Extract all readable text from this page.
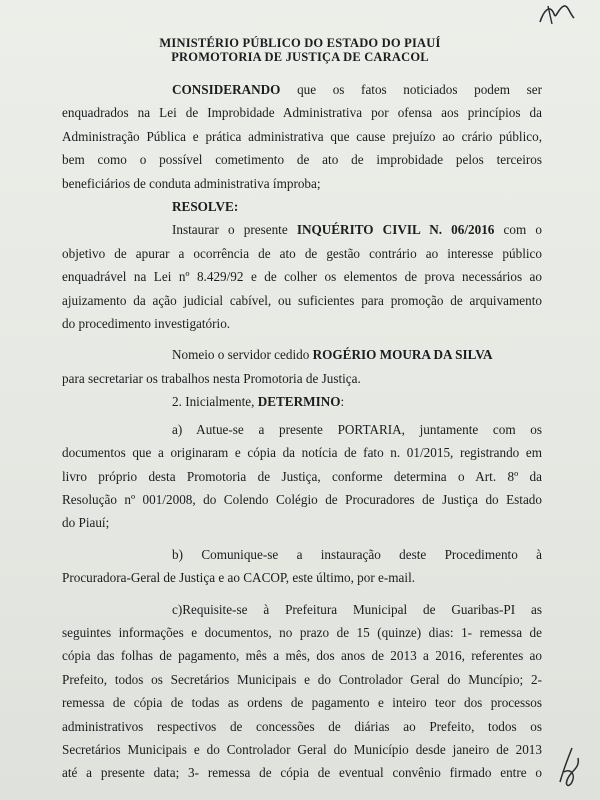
MINISTÉRIO PÚBLICO DO ESTADO DO PIAUÍ
PROMOTORIA DE JUSTIÇA DE CARACOL
CONSIDERANDO que os fatos noticiados podem ser
enquadrados na Lei de Improbidade Administrativa por ofensa aos princípios da
Administração Pública e prática administrativa que cause prejuízo ao crário público,
bem como o possível cometimento de ato de improbidade pelos terceiros
beneficiários de conduta administrativa ímproba;
RESOLVE:
Instaurar o presente INQUÉRITO CIVIL N. 06/2016 com o
objetivo de apurar a ocorrência de ato de gestão contrário ao interesse público
enquadrável na Lei nº 8.429/92 e de colher os elementos de prova necessários ao
ajuizamento da ação judicial cabível, ou suficientes para promoção de arquivamento
do procedimento investigatório.
Nomeio o servidor cedido ROGÉRIO MOURA DA SILVA
para secretariar os trabalhos nesta Promotoria de Justiça.
2. Inicialmente, DETERMINO:
a) Autue-se a presente PORTARIA, juntamente com os
documentos que a originaram e cópia da notícia de fato n. 01/2015, registrando em
livro próprio desta Promotoria de Justiça, conforme determina o Art. 8º da
Resolução nº 001/2008, do Colendo Colégio de Procuradores de Justiça do Estado
do Piauí;
b) Comunique-se a instauração deste Procedimento à
Procuradora-Geral de Justiça e ao CACOP, este último, por e-mail.
c)Requisite-se à Prefeitura Municipal de Guaribas-PI as
seguintes informações e documentos, no prazo de 15 (quinze) dias: 1- remessa de
cópia das folhas de pagamento, mês a mês, dos anos de 2013 a 2016, referentes ao
Prefeito, todos os Secretários Municipais e do Controlador Geral do Muncípio; 2-
remessa de cópia de todas as ordens de pagamento e inteiro teor dos processos
administrativos respectivos de concessões de diárias ao Prefeito, todos os
Secretários Municipais e do Controlador Geral do Município desde janeiro de 2013
até a presente data; 3- remessa de cópia de eventual convênio firmado entre o
